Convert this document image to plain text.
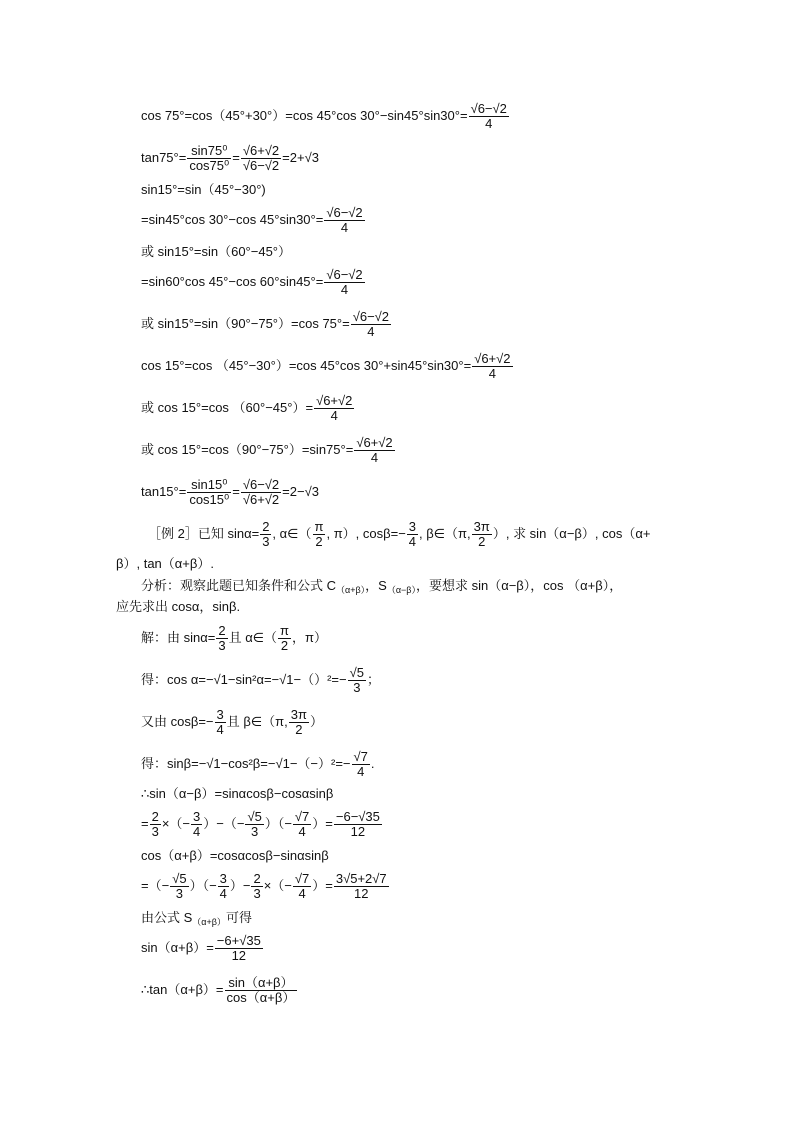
cos 75°=cos（45°+30°）=cos 45°cos $30^\circ-\sin 45^\circ\sin 30^\circ= \frac{√6-√2}{4}$
$\tan 75^\circ= \frac{\text{sin75⁰}}{\text{cos75⁰}} = \frac{√6+√2}{√6-√2} =2+√3$
sin15°=sin（45°−30°)
=sin45°cos 30°−cos $45^\circ\sin 30^\circ= \frac{√6-√2}{4}$
或 sin15°=sin（60°−45°）
=sin60°cos 45°−cos $60^\circ\sin 45^\circ= \frac{√6-√2}{4}$
或 sin15°=sin（90°−75°）=cos $75^\circ= \frac{√6-√2}{4}$
cos 15°=cos （45°−30°）=cos 45°cos $30^\circ+\sin 45^\circ\sin 30^\circ= \frac{√6+√2}{4}$
或 cos 15°=cos $(60^\circ-45^\circ)= \frac{√6+√2}{4}$
或 $\cos 15^\circ=\cos(90^\circ-75^\circ)=\sin 75^\circ= \frac{√6+√2}{4}$
$\tan 15^\circ= \frac{\text{sin15⁰}}{\text{cos15⁰}} = \frac{√6-√2}{√6+√2} =2-√3$
［例 2］已知 $\sin\alpha= \frac{2}{3}$ , α∈（ $\frac{\pi}{2}$ , π）, $\cos\beta=- \frac{3}{4}$ , β∈（π, $\frac{3\pi}{2}$ ）, 求 sin（α−β）, cos（α+
β）, tan（α+β）.
分析：观察此题已知条件和公式 $C_{(\alpha+\beta)}$，$S_{(\alpha-\beta)}$，要想求 sin（α−β），cos （α+β），
应先求出 cosα，sinβ.
解：由 $\sin\alpha= \frac{2}{3}$ 且 α∈（ $\frac{\pi}{2}$ ，π）
得：$\cos \alpha=-√1-\sin^2\alpha=-√1-()^2=- \frac{√5}{3}$ ；
又由 $\cos\beta=- \frac{3}{4}$ 且 β∈（π, $\frac{3\pi}{2}$ ）
得：$\sin\beta=-√1-\cos^2\beta=-√1-(-)^2=- \frac{√7}{4}$ .
∴sin（α−β）=sinαcosβ−cosαsinβ
= $\frac{2}{3}$ ×（− $\frac{3}{4}$ ）−（− $\frac{√5}{3}$ ）（− $\frac{√7}{4}$ ）= $\frac{-6-√35}{12}$
cos（α+β）=cosαcosβ−sinαsinβ
=（− $\frac{√5}{3}$ ）（− $\frac{3}{4}$ ）− $\frac{2}{3}$ ×（− $\frac{√7}{4}$ ）= $\frac{3√5+2√7}{12}$
由公式 $S_{(\alpha+\beta)}$可得
$\sin(\alpha+\beta)= \frac{-6+√35}{12}$
∴tan（α+β）= $\frac{\sin(\alpha+\beta)}{\cos(\alpha+\beta)}$
